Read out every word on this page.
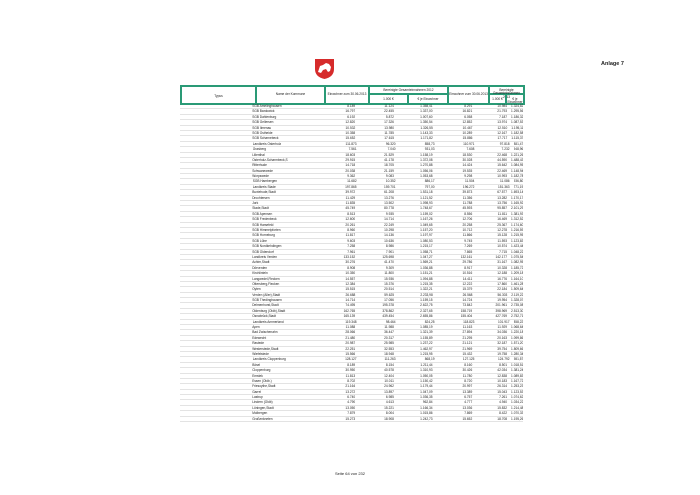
Anlage 7
Typus	Name der Kommune	Einwohner zum 30.06.2013
Bereinigte Gesamteinnahmen 2012
1.000 €	€ je Einwohner
Einwohner zum 30.06.2013
Bereinigte Gesamteinnahmen 2013
1.000 €	€ je Einwohner
SGB Amelinghausen	8.189	11.124	1.358,41	8.291	10.984	1.324,82
SGB Bardowick	16.797	22.455	1.337,00	16.821	21.793	1.295,56
SGB Dahlenburg	6.192	5.872	1.007,60	6.058	7.187	1.186,32
SGB Gellersen	12.820	17.326	1.350,54	12.852	13.974	1.087,53
SGB Ilmenau	10.532	13.980	1.326,55	10.467	12.510	1.195,11
SGB Ostheide	10.358	11.785	1.143,33	10.289	12.167	1.182,58
SGB Scharnebeck	15.652	17.615	1.171,82	15.886	17.717	1.115,37
Landkreis Osterholz	111.873	96.320	858,73	110.971	97.818	881,47
Grasberg	7.561	7.040	931,03	7.608	7.232	948,96
Lilienthal	18.603	21.529	1.158,19	18.530	22.468	1.221,26
Osterholz-Scharmbeck,S	29.915	41.178	1.372,08	30.028	44.590	1.488,43
Ritterhude	14.718	18.705	1.270,88	14.424	15.642	1.084,95
Schwanewede	20.038	21.159	1.056,06	19.535	22.469	1.148,94
Worpswede	9.362	9.083	1.053,68	9.298	10.993	1.182,78
SGB Hambergen	11.682	10.352	886,17	11.504	11.086	936,80
Landkreis Stade	197.865	159.701	797,00	196.272	151.363	771,19
Buxtehude,Stadt	39.972	61.208	1.531,18	39.873	67.577	1.693,14
Drochtersen	11.429	13.276	1.121,52	11.356	13.282	1.170,17
Jork	11.835	13.502	1.098,93	11.788	13.756	1.165,92
Stade,Stadt	45.749	80.778	1.748,67	45.593	95.857	2.101,29
SGB Apensen	8.513	9.935	1.159,02	8.556	11.811	1.381,93
SGB Fredenbeck	12.600	14.714	1.167,26	12.706	16.469	1.312,52
SGB Harsefeld	20.261	22.249	1.049,65	20.258	25.367	1.174,60
SGB Himmelpforten	8.960	10.298	1.157,20	10.712	12.278	1.216,59
SGB Horneburg	11.817	14.136	1.197,97	11.866	15.128	1.215,95
SGB Lühe	9.603	10.636	1.080,53	9.745	11.593	1.123,83
SGB Nordkehdingen	7.258	8.986	1.215,17	7.269	10.574	1.423,44
SGB Oldendorf	7.961	7.901	1.058,71	7.865	7.715	1.048,22
Landkreis Verden	133.152	125.698	1.047,27	132.161	142.177	1.075,54
Achim,Stadt	30.276	41.470	1.569,21	29.786	31.167	1.082,95
Dörverden	8.908	9.309	1.036,88	8.917	10.328	1.185,72
Kirchlinteln	10.350	11.800	1.151,21	10.516	12.188	1.209,18
Langwedel,Flecken	14.557	15.936	1.094,88	14.411	16.776	1.164,10
Ottersberg,Flecken	12.384	15.376	1.215,35	12.222	17.860	1.461,28
Oyten	15.515	20.514	1.322,21	15.379	22.184	1.509,64
Verden (Aller),Stadt	26.688	59.625	2.233,98	26.568	56.303	2.119,22
SGB Thedinghausen	14.714	17.056	1.159,15	14.724	19.954	1.328,07
Delmenhorst,Stadt	74.495	195.378	2.622,75	73.842	201.961	2.735,08
Oldenburg (Oldb),Stadt	162.765	378.862	2.327,65	158.719	398.969	2.513,30
Osnabrück,Stadt	165.139	439.454	2.655,86	155.404	427.769	2.752,71
Landkreis Ammerland	119.348	98.464	824,25	118.823	101.917	858,22
Apen	11.088	11.988	1.085,19	11.163	11.929	1.068,64
Bad Zwischenahn	28.066	36.447	1.321,39	27.894	34.036	1.220,18
Edewecht	21.480	20.317	1.155,89	21.295	20.163	1.099,86
Rastede	20.987	25.985	1.237,22	21.121	32.187	1.571,20
Westerstede,Stadt	22.251	32.553	1.462,97	21.969	39.754	1.809,66
Wiefelstede	15.566	18.948	1.215,95	15.432	19.758	1.280,34
Landkreis Cloppenburg	128.127	111.263	868,19	127.125	124.792	981,57
Bösel	8.189	8.154	1.211,44	8.160	8.501	1.018,51
Cloppenburg	30.950	40.578	1.310,93	30.426	42.034	1.381,24
Emstek	11.813	12.404	1.050,05	11.780	12.838	1.089,83
Essen (Oldb.)	8.702	10.011	1.150,42	8.720	10.183	1.167,72
Friesoythe,Stadt	21.164	24.962	1.179,44	20.997	26.314	1.253,23
Garrel	13.272	13.897	1.047,09	13.389	15.043	1.123,53
Lastrup	6.740	6.985	1.036,35	6.757	7.261	1.074,62
Lindern (Oldb)	4.790	4.613	962,84	4.777	4.940	1.034,22
Löningen,Stadt	13.050	15.221	1.166,34	13.036	15.832	1.214,48
Molbergen	7.879	8.004	1.015,86	7.869	8.422	1.070,33
Großenkneten	15.273	18.908	1.242,73	15.652	18.708	1.195,26
Seite 64 von 232
